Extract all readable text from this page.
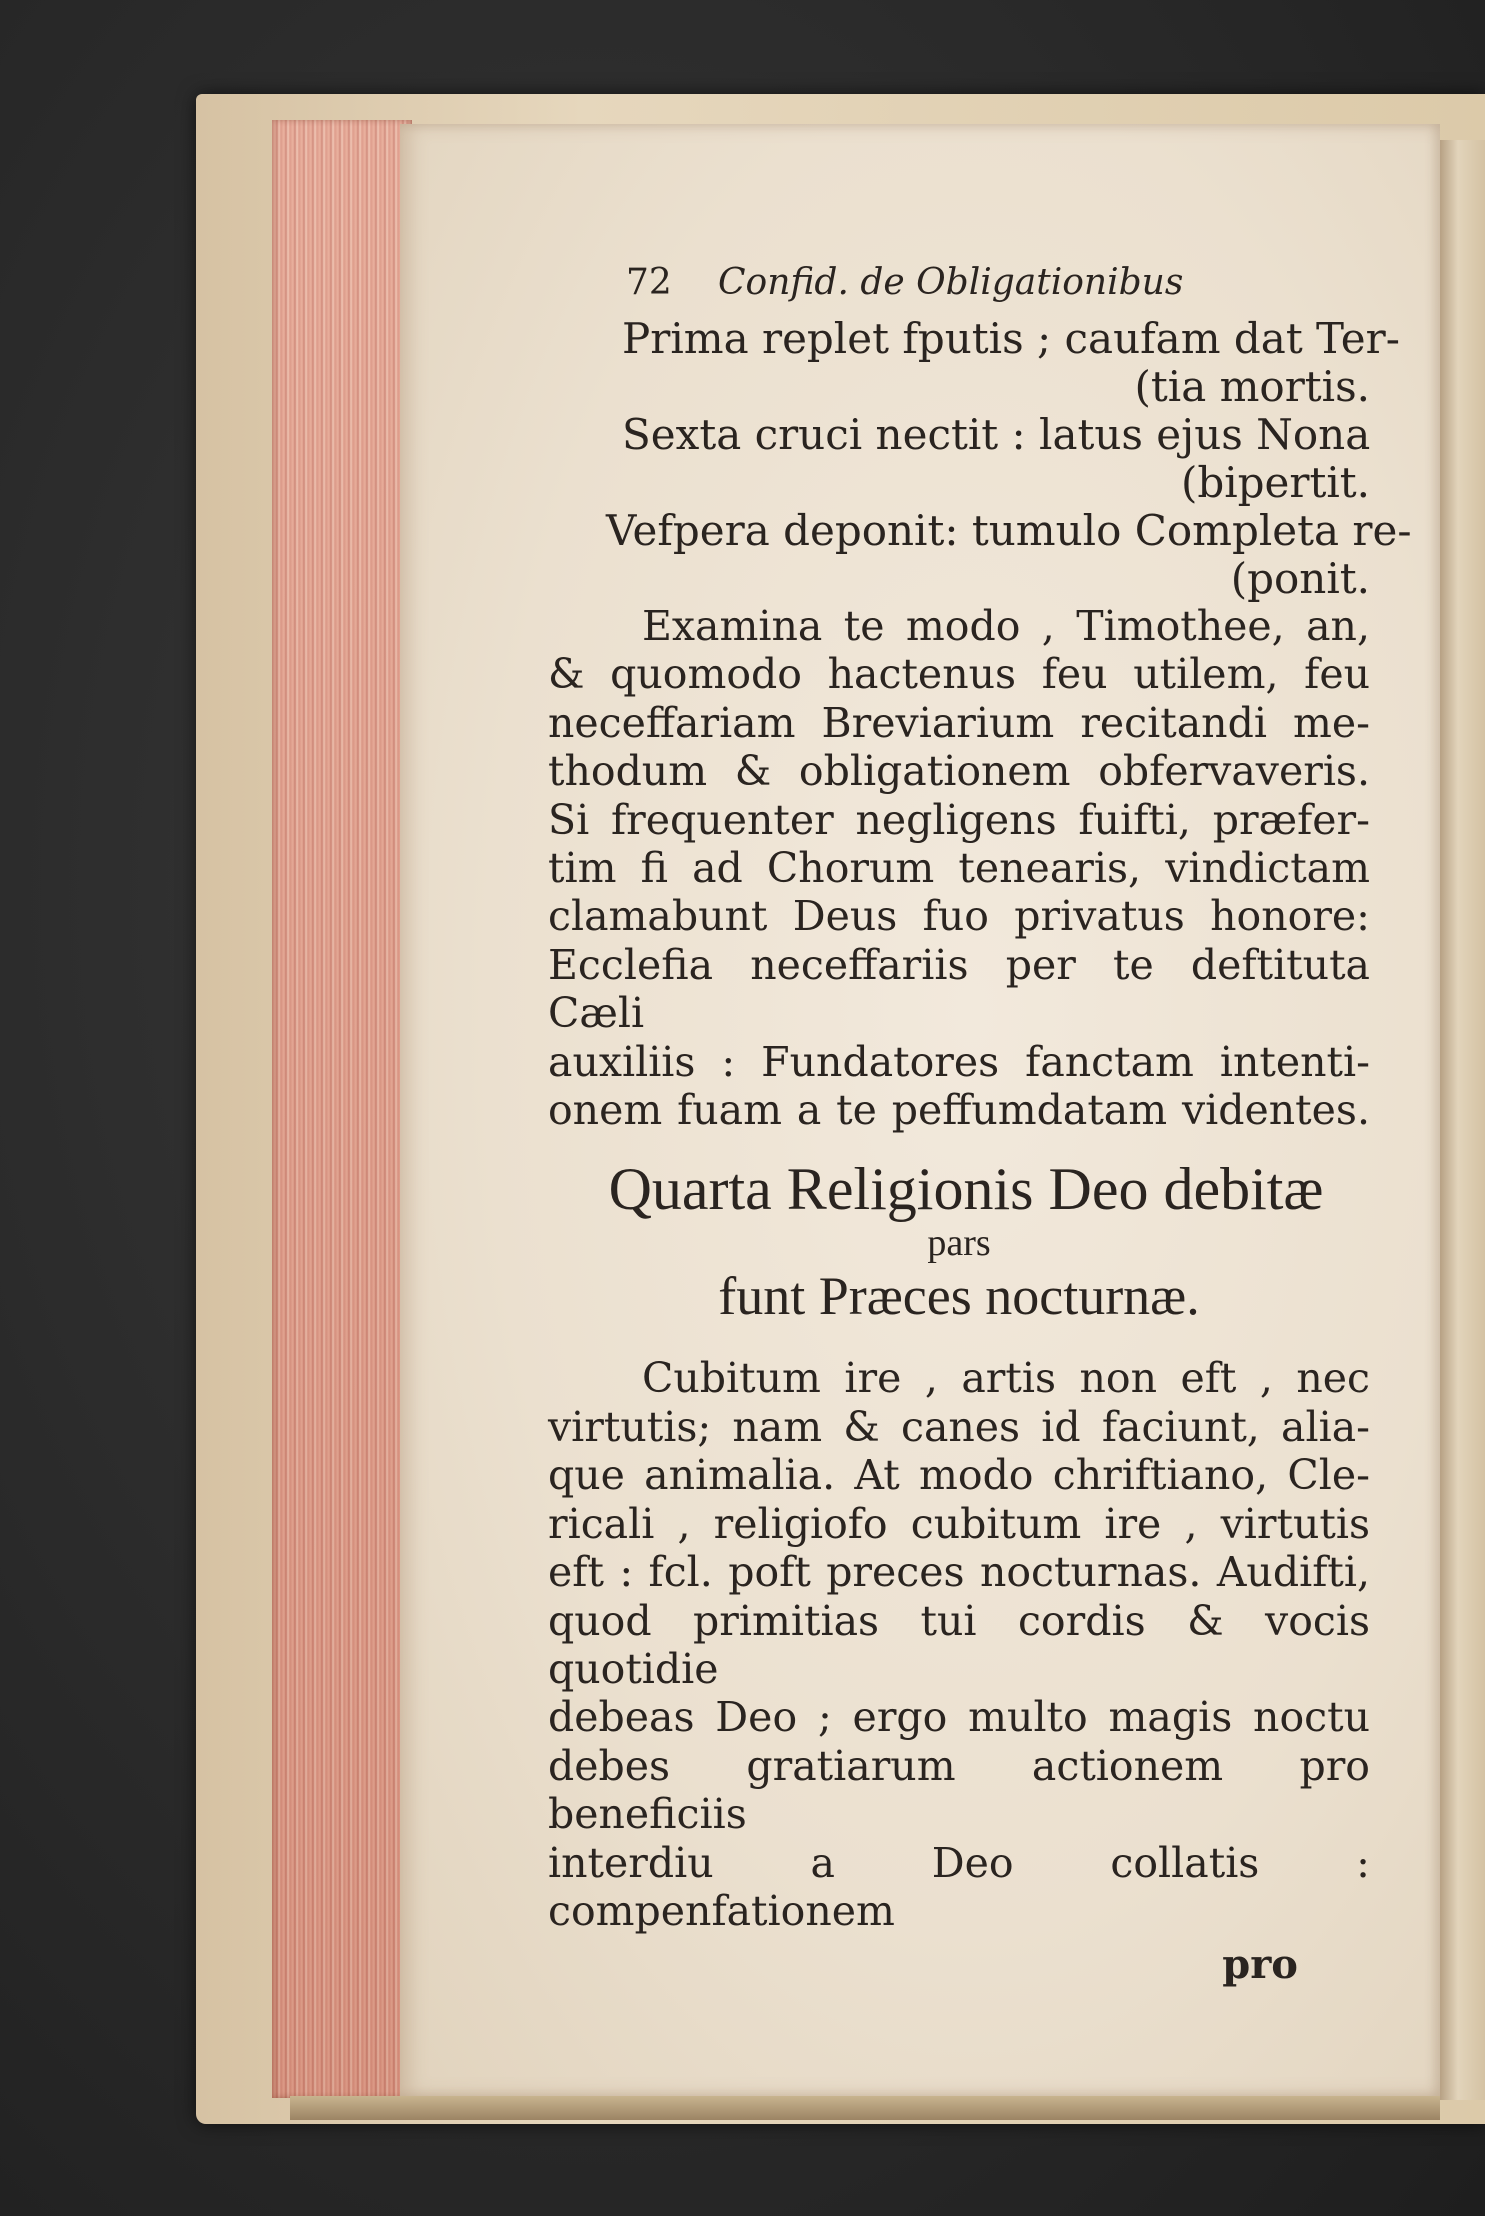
72 Confid. de Obligationibus
Prima replet fputis ; caufam dat Ter-
(tia mortis.
Sexta cruci nectit : latus ejus Nona
(bipertit.
Vefpera deponit: tumulo Completa re-
(ponit.
Examina te modo , Timothee, an,
& quomodo hactenus feu utilem, feu
neceffariam Breviarium recitandi me-
thodum & obligationem obfervaveris.
Si frequenter negligens fuifti, præfer-
tim fi ad Chorum tenearis, vindictam
clamabunt Deus fuo privatus honore:
Ecclefia neceffariis per te deftituta Cæli
auxiliis : Fundatores fanctam intenti-
onem fuam a te peffumdatam videntes.
Quarta Religionis Deo debitæ
pars
funt Præces nocturnæ.
Cubitum ire , artis non eft , nec
virtutis; nam & canes id faciunt, alia-
que animalia. At modo chriftiano, Cle-
ricali , religiofo cubitum ire , virtutis
eft : fcl. poft preces nocturnas. Audifti,
quod primitias tui cordis & vocis quotidie
debeas Deo ; ergo multo magis noctu
debes gratiarum actionem pro beneficiis
interdiu a Deo collatis : compenfationem
pro
